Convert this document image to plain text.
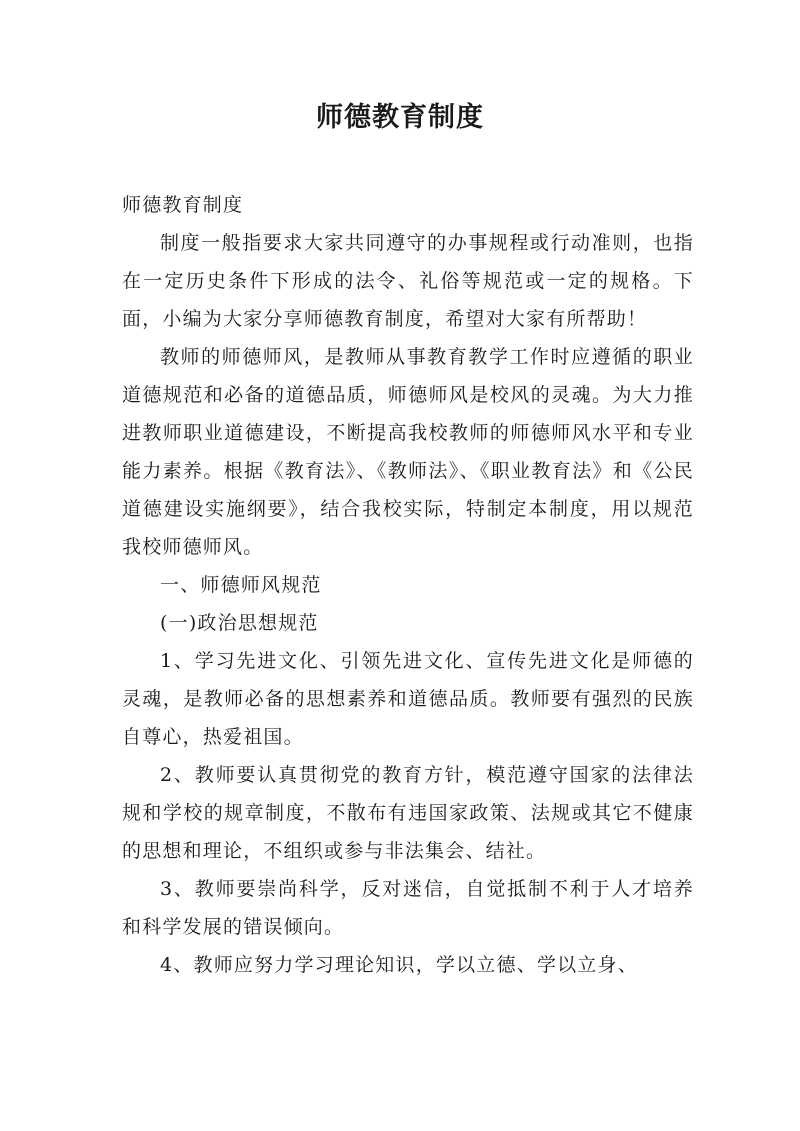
师德教育制度

师德教育制度

制度一般指要求大家共同遵守的办事规程或行动准则，也指在一定历史条件下形成的法令、礼俗等规范或一定的规格。下面，小编为大家分享师德教育制度，希望对大家有所帮助！

教师的师德师风，是教师从事教育教学工作时应遵循的职业道德规范和必备的道德品质，师德师风是校风的灵魂。为大力推进教师职业道德建设，不断提高我校教师的师德师风水平和专业能力素养。根据《教育法》、《教师法》、《职业教育法》和《公民道德建设实施纲要》，结合我校实际，特制定本制度，用以规范我校师德师风。

一、师德师风规范

(一)政治思想规范

1、学习先进文化、引领先进文化、宣传先进文化是师德的灵魂，是教师必备的思想素养和道德品质。教师要有强烈的民族自尊心，热爱祖国。

2、教师要认真贯彻党的教育方针，模范遵守国家的法律法规和学校的规章制度，不散布有违国家政策、法规或其它不健康的思想和理论，不组织或参与非法集会、结社。

3、教师要崇尚科学，反对迷信，自觉抵制不利于人才培养和科学发展的错误倾向。

4、教师应努力学习理论知识，学以立德、学以立身、
